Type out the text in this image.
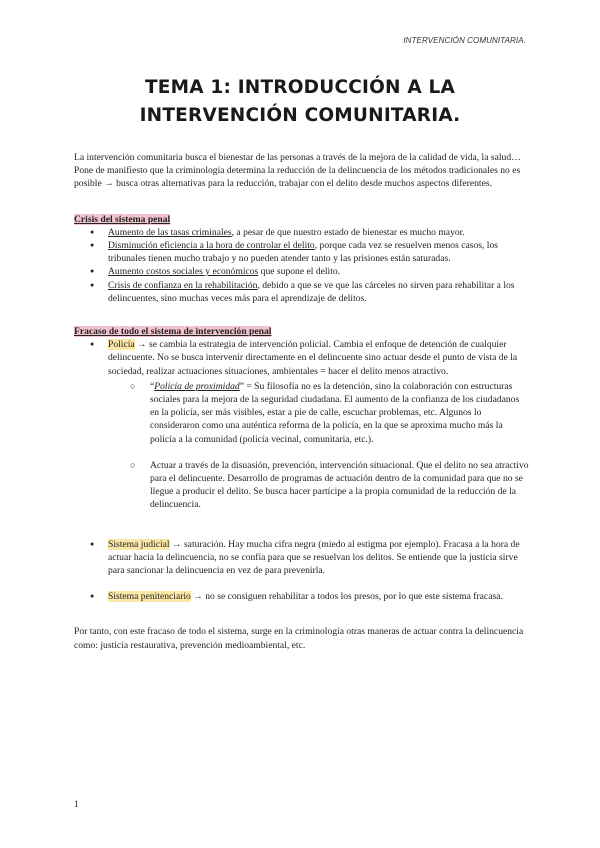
INTERVENCIÓN COMUNITARIA.
TEMA 1: INTRODUCCIÓN A LA
INTERVENCIÓN COMUNITARIA.

La intervención comunitaria busca el bienestar de las personas a través de la mejora de la calidad de vida, la salud…

Pone de manifiesto que la criminología determina la reducción de la delincuencia de los métodos tradicionales no es posible → busca otras alternativas para la reducción, trabajar con el delito desde muchos aspectos diferentes.

Crisis del sistema penal

● Aumento de las tasas criminales, a pesar de que nuestro estado de bienestar es mucho mayor.
● Disminución eficiencia a la hora de controlar el delito, porque cada vez se resuelven menos casos, los tribunales tienen mucho trabajo y no pueden atender tanto y las prisiones están saturadas.
● Aumento costos sociales y económicos que supone el delito.
● Crisis de confianza en la rehabilitación, debido a que se ve que las cárceles no sirven para rehabilitar a los delincuentes, sino muchas veces más para el aprendizaje de delitos.

Fracaso de todo el sistema de intervención penal

● Policía → se cambia la estrategia de intervención policial. Cambia el enfoque de detención de cualquier delincuente. No se busca intervenir directamente en el delincuente sino actuar desde el punto de vista de la sociedad, realizar actuaciones situaciones, ambientales = hacer el delito menos atractivo.
○ “Policía de proximidad” = Su filosofía no es la detención, sino la colaboración con estructuras sociales para la mejora de la seguridad ciudadana. El aumento de la confianza de los ciudadanos en la policía, ser más visibles, estar a pie de calle, escuchar problemas, etc. Algunos lo consideraron como una auténtica reforma de la policía, en la que se aproxima mucho más la policía a la comunidad (policía vecinal, comunitaria, etc.).
○ Actuar a través de la disuasión, prevención, intervención situacional. Que el delito no sea atractivo para el delincuente. Desarrollo de programas de actuación dentro de la comunidad para que no se llegue a producir el delito. Se busca hacer partícipe a la propia comunidad de la reducción de la delincuencia.
● Sistema judicial → saturación. Hay mucha cifra negra (miedo al estigma por ejemplo). Fracasa a la hora de actuar hacia la delincuencia, no se confía para que se resuelvan los delitos. Se entiende que la justicia sirve para sancionar la delincuencia en vez de para prevenirla.
● Sistema penitenciario → no se consiguen rehabilitar a todos los presos, por lo que este sistema fracasa.

Por tanto, con este fracaso de todo el sistema, surge en la criminología otras maneras de actuar contra la delincuencia como: justicia restaurativa, prevención medioambiental, etc.

1
